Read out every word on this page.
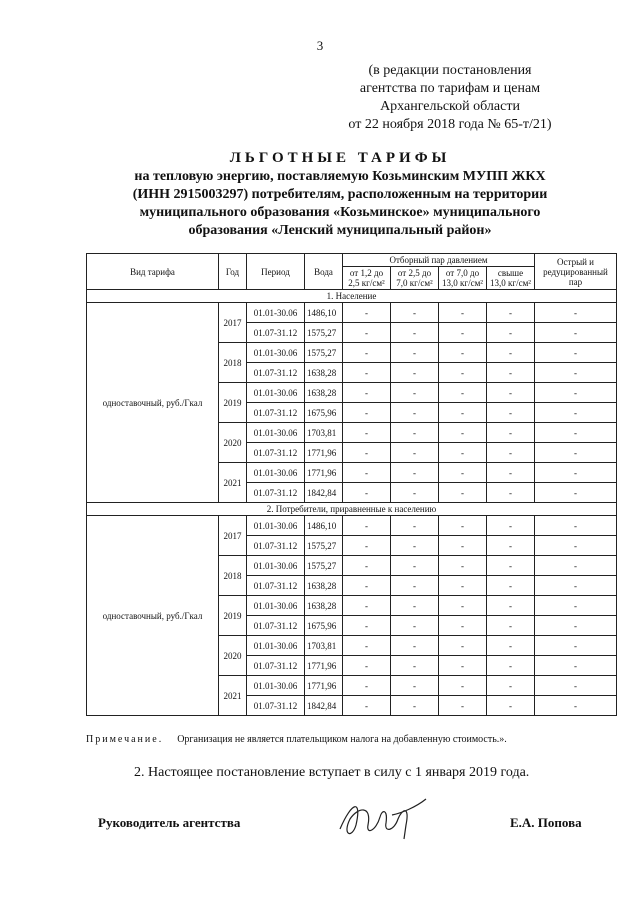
3
(в редакции постановления
агентства по тарифам и ценам
Архангельской области
от 22 ноября 2018 года № 65-т/21)
ЛЬГОТНЫЕ ТАРИФЫ
на тепловую энергию, поставляемую Козьминским МУПП ЖКХ
(ИНН 2915003297) потребителям, расположенным на территории
муниципального образования «Козьминское» муниципального
образования «Ленский муниципальный район»
Вид тарифа	Год	Период	Вода	Отборный пар давлением				Острый и редуцированный пар
				от 1,2 до 2,5 кг/см²	от 2,5 до 7,0 кг/см²	от 7,0 до 13,0 кг/см²	свыше 13,0 кг/см²	
1. Население								
одноставочный, руб./Гкал	2017	01.01-30.06	1486,10	-	-	-	-	-
		01.07-31.12	1575,27	-	-	-	-	-
	2018	01.01-30.06	1575,27	-	-	-	-	-
		01.07-31.12	1638,28	-	-	-	-	-
	2019	01.01-30.06	1638,28	-	-	-	-	-
		01.07-31.12	1675,96	-	-	-	-	-
	2020	01.01-30.06	1703,81	-	-	-	-	-
		01.07-31.12	1771,96	-	-	-	-	-
	2021	01.01-30.06	1771,96	-	-	-	-	-
		01.07-31.12	1842,84	-	-	-	-	-
2. Потребители, приравненные к населению								
одноставочный, руб./Гкал	2017	01.01-30.06	1486,10	-	-	-	-	-
		01.07-31.12	1575,27	-	-	-	-	-
	2018	01.01-30.06	1575,27	-	-	-	-	-
		01.07-31.12	1638,28	-	-	-	-	-
	2019	01.01-30.06	1638,28	-	-	-	-	-
		01.07-31.12	1675,96	-	-	-	-	-
	2020	01.01-30.06	1703,81	-	-	-	-	-
		01.07-31.12	1771,96	-	-	-	-	-
	2021	01.01-30.06	1771,96	-	-	-	-	-
		01.07-31.12	1842,84	-	-	-	-	-
Примечание. Организация не является плательщиком налога на добавленную стоимость.».
2. Настоящее постановление вступает в силу с 1 января 2019 года.
Руководитель агентства	Е.А. Попова
